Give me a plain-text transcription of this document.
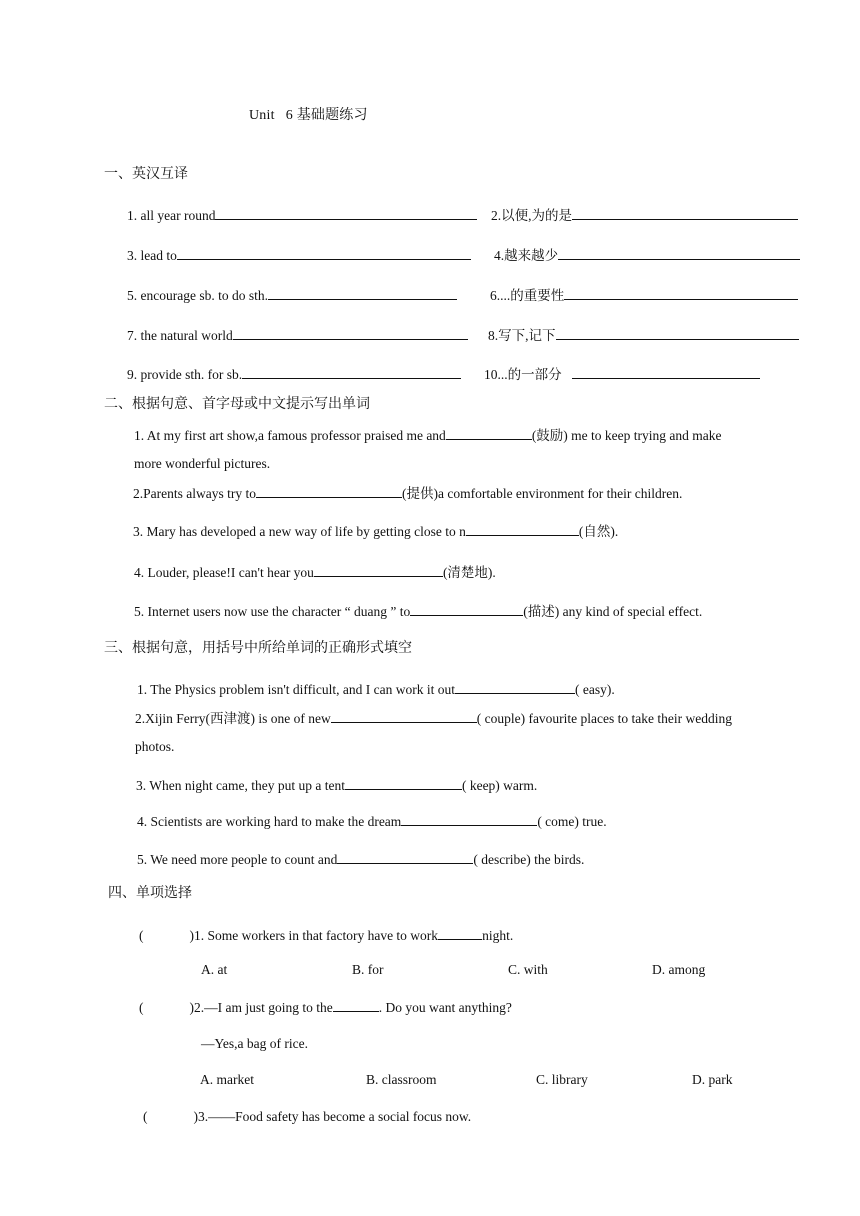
Unit   6 基础题练习
一、英汉互译
1. all year round	2.以便,为的是
3. lead to	4.越来越少
5. encourage sb. to do sth.	6....的重要性
7. the natural world	8.写下,记下
9. provide sth. for sb.	10...的一部分
二、根据句意、首字母或中文提示写出单词
1. At my first art show,a famous professor praised me and	(鼓励) me to keep trying and make
more wonderful pictures.
2.Parents always try to	(提供)a comfortable environment for their children.
3. Mary has developed a new way of life by getting close to n	(自然).
4. Louder, please!I can't hear you	(清楚地).
5. Internet users now use the character “ duang ” to	(描述) any kind of special effect.
三、根据句意，用括号中所给单词的正确形式填空
1. The Physics problem isn't difficult, and I can work it out	( easy).
2.Xijin Ferry(西津渡) is one of new	( couple) favourite places to take their wedding
photos.
3. When night came, they put up a tent	( keep) warm.
4. Scientists are working hard to make the dream	( come) true.
5. We need more people to count and	( describe) the birds.
四、单项选择
(	)1. Some workers in that factory have to work	night.
A. at	B. for	C. with	D. among
(	)2.—I am just going to the	. Do you want anything?
—Yes,a bag of rice.
A. market	B. classroom	C. library	D. park
(	)3.——Food safety has become a social focus now.
